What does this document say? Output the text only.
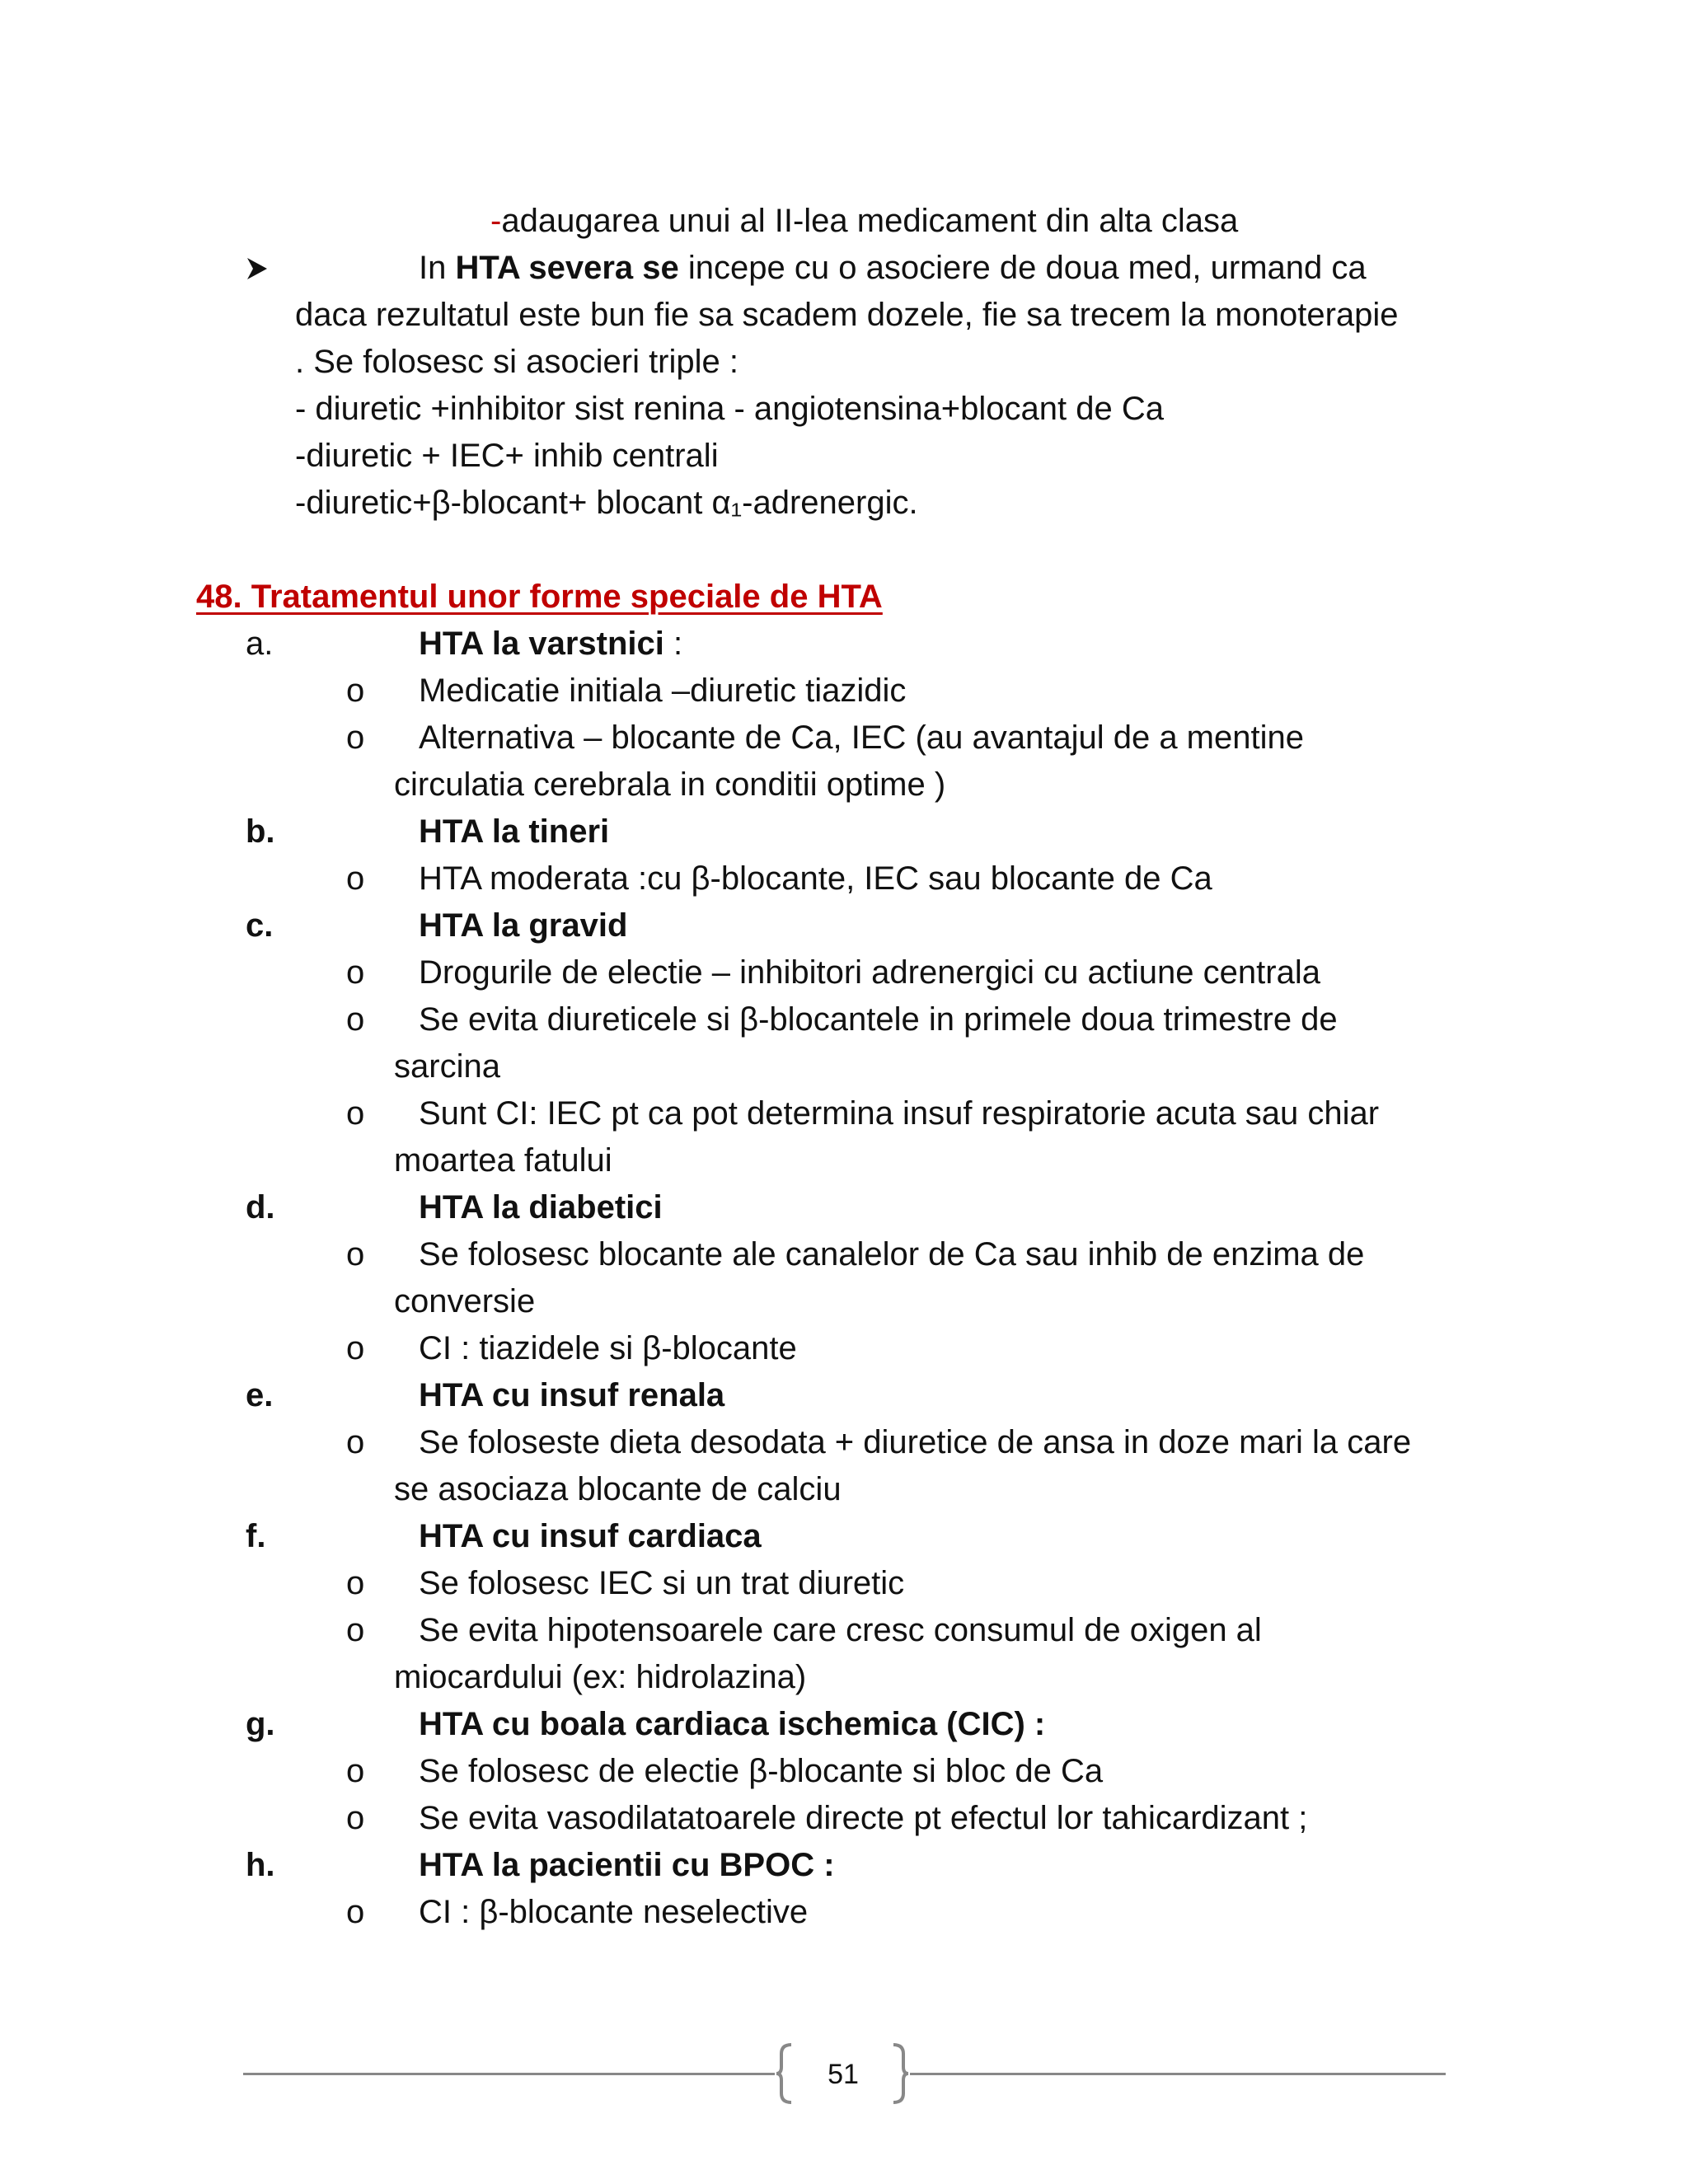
-adaugarea unui al II-lea medicament din alta clasa
In HTA severa se incepe cu o asociere de doua med, urmand ca
daca rezultatul este bun fie sa scadem dozele, fie sa trecem la monoterapie
. Se folosesc si asocieri triple :
- diuretic +inhibitor sist renina - angiotensina+blocant de Ca
-diuretic + IEC+ inhib centrali
-diuretic+β-blocant+ blocant α₁-adrenergic.
48. Tratamentul unor forme speciale de HTA
a.	HTA la varstnici :
o Medicatie initiala –diuretic tiazidic
o Alternativa – blocante de Ca, IEC (au avantajul de a mentine
circulatia cerebrala in conditii optime )
b.	HTA la tineri
o HTA moderata :cu β-blocante, IEC sau blocante de Ca
c.	HTA la gravid
o Drogurile de electie – inhibitori adrenergici cu actiune centrala
o Se evita diureticele si β-blocantele in primele doua trimestre de
sarcina
o Sunt CI: IEC pt ca pot determina insuf respiratorie acuta sau chiar
moartea fatului
d.	HTA la diabetici
o Se folosesc blocante ale canalelor de Ca sau inhib de enzima de
conversie
o CI : tiazidele si β-blocante
e.	HTA cu insuf renala
o Se foloseste dieta desodata + diuretice de ansa in doze mari la care
se asociaza blocante de calciu
f.	HTA cu insuf cardiaca
o Se folosesc IEC si un trat diuretic
o Se evita hipotensoarele care cresc consumul de oxigen al
miocardului (ex: hidrolazina)
g.	HTA cu boala cardiaca ischemica (CIC) :
o Se folosesc de electie β-blocante si bloc de Ca
o Se evita vasodilatatoarele directe pt efectul lor tahicardizant ;
h.	HTA la pacientii cu BPOC :
o CI : β-blocante neselective
51
